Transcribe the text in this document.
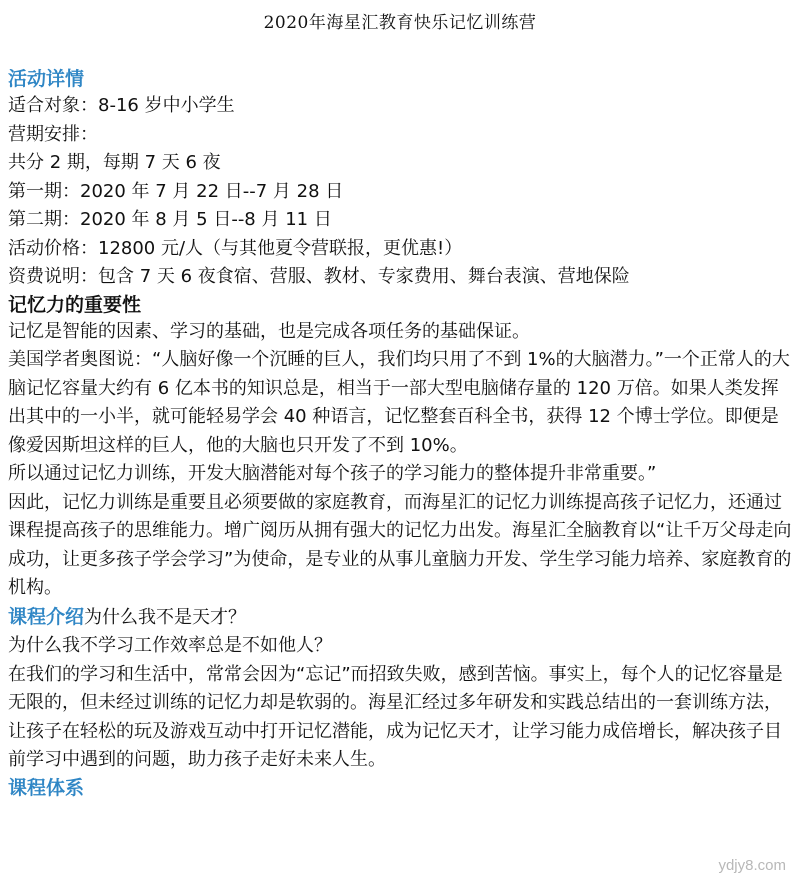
2020年海星汇教育快乐记忆训练营
活动详情

适合对象：8-16 岁中小学生

营期安排：

共分 2 期，每期 7 天 6 夜

第一期：2020 年 7 月 22 日--7 月 28 日

第二期：2020 年 8 月 5 日--8 月 11 日

活动价格：12800 元/人（与其他夏令营联报，更优惠!）

资费说明：包含 7 天 6 夜食宿、营服、教材、专家费用、舞台表演、营地保险

记忆力的重要性

记忆是智能的因素、学习的基础，也是完成各项任务的基础保证。

美国学者奥图说：“人脑好像一个沉睡的巨人，我们均只用了不到 1%的大脑潜力。”一个正常人的大脑记忆容量大约有 6 亿本书的知识总是，相当于一部大型电脑储存量的 120 万倍。如果人类发挥出其中的一小半，就可能轻易学会 40 种语言，记忆整套百科全书，获得 12 个博士学位。即便是像爱因斯坦这样的巨人，他的大脑也只开发了不到 10%。

所以通过记忆力训练，开发大脑潜能对每个孩子的学习能力的整体提升非常重要。”

因此，记忆力训练是重要且必须要做的家庭教育，而海星汇的记忆力训练提高孩子记忆力，还通过课程提高孩子的思维能力。增广阅历从拥有强大的记忆力出发。海星汇全脑教育以“让千万父母走向成功，让更多孩子学会学习”为使命，是专业的从事儿童脑力开发、学生学习能力培养、家庭教育的机构。

课程介绍为什么我不是天才？

为什么我不学习工作效率总是不如他人？

在我们的学习和生活中，常常会因为“忘记”而招致失败，感到苦恼。事实上，每个人的记忆容量是无限的，但未经过训练的记忆力却是软弱的。海星汇经过多年研发和实践总结出的一套训练方法，让孩子在轻松的玩及游戏互动中打开记忆潜能，成为记忆天才，让学习能力成倍增长，解决孩子目前学习中遇到的问题，助力孩子走好未来人生。

课程体系
ydjy8.com
